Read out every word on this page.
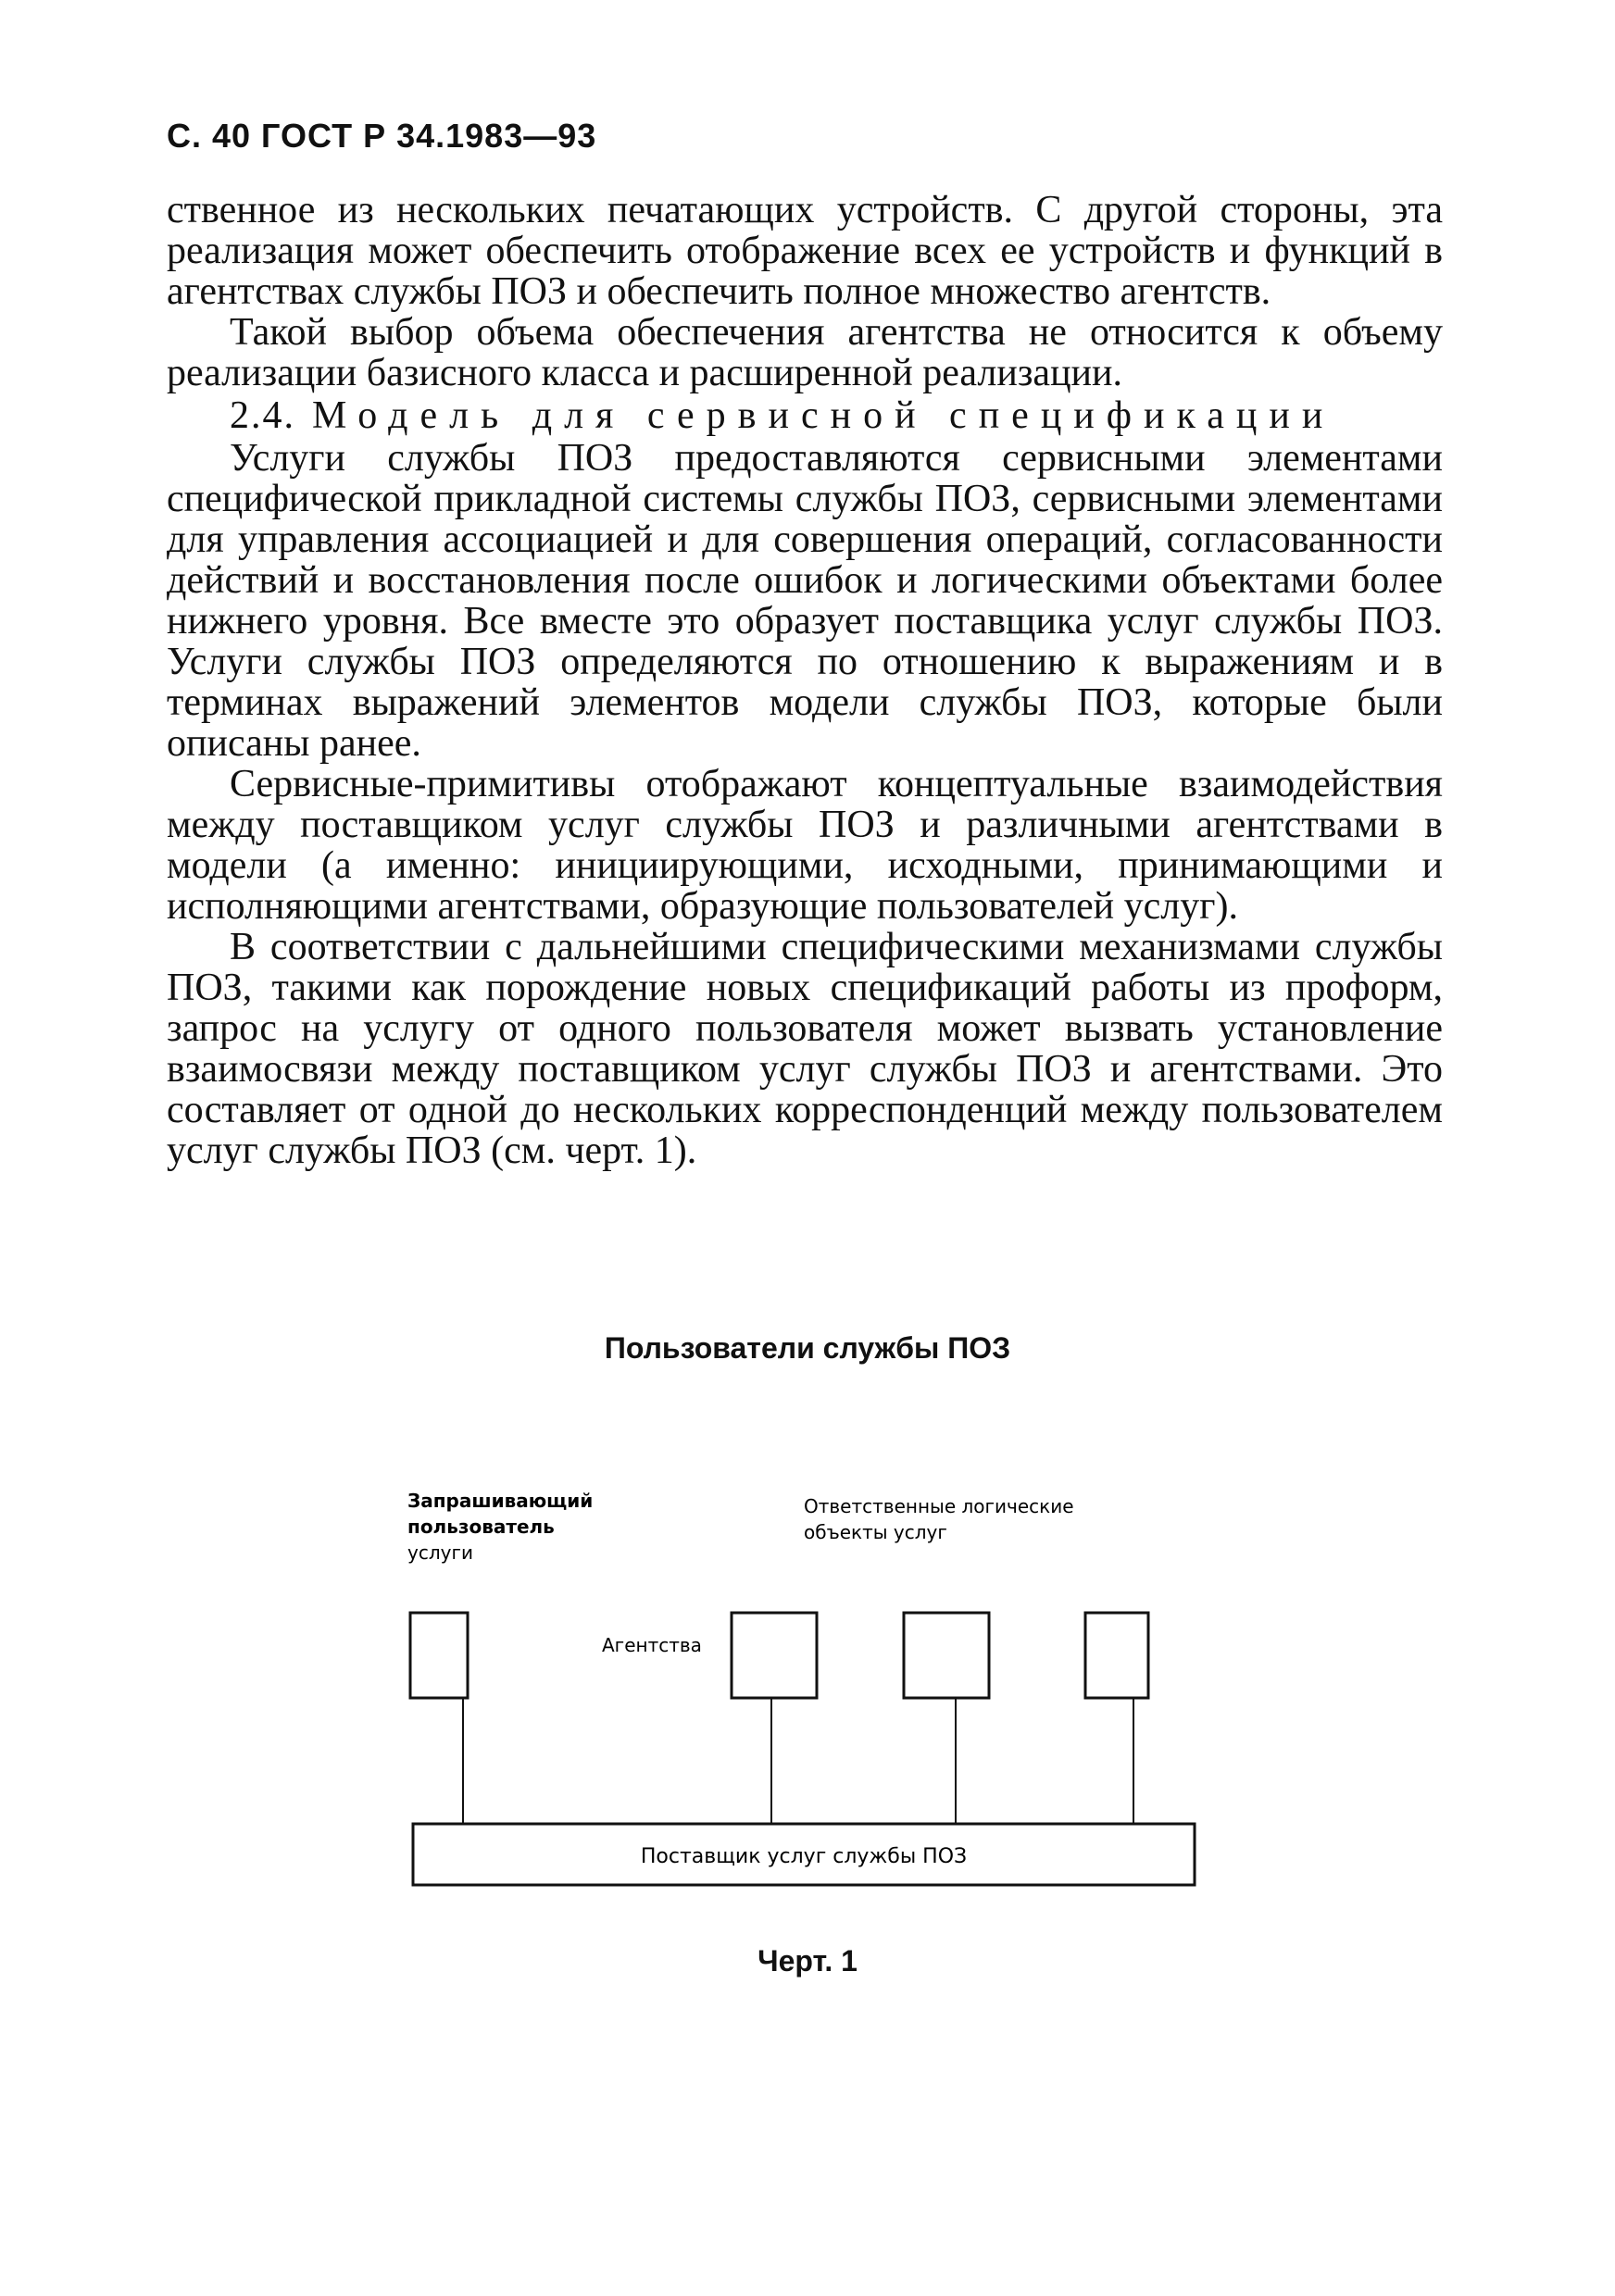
С. 40 ГОСТ Р 34.1983—93

ственное из нескольких печатающих устройств. С другой стороны, эта реализация может обеспечить отображение всех ее устройств и функций в агентствах службы ПОЗ и обеспечить полное множество агентств.

Такой выбор объема обеспечения агентства не относится к объему реализации базисного класса и расширенной реализации.

2.4. Модель для сервисной спецификации

Услуги службы ПОЗ предоставляются сервисными элементами специфической прикладной системы службы ПОЗ, сервисными элементами для управления ассоциацией и для совершения операций, согласованности действий и восстановления после ошибок и логическими объектами более нижнего уровня. Все вместе это образует поставщика услуг службы ПОЗ. Услуги службы ПОЗ определяются по отношению к выражениям и в терминах выражений элементов модели службы ПОЗ, которые были описаны ранее.

Сервисные-примитивы отображают концептуальные взаимодействия между поставщиком услуг службы ПОЗ и различными агентствами в модели (а именно: инициирующими, исходными, принимающими и исполняющими агентствами, образующие пользователей услуг).

В соответствии с дальнейшими специфическими механизмами службы ПОЗ, такими как порождение новых спецификаций работы из проформ, запрос на услугу от одного пользователя может вызвать установление взаимосвязи между поставщиком услуг службы ПОЗ и агентствами. Это составляет от одной до нескольких корреспонденций между пользователем услуг службы ПОЗ (см. черт. 1).

Пользователи службы ПОЗ
Запрашивающий
пользователь
услуги
Ответственные логические
объекты услуг
Агентства
Поставщик услуг службы ПОЗ
Черт. 1
